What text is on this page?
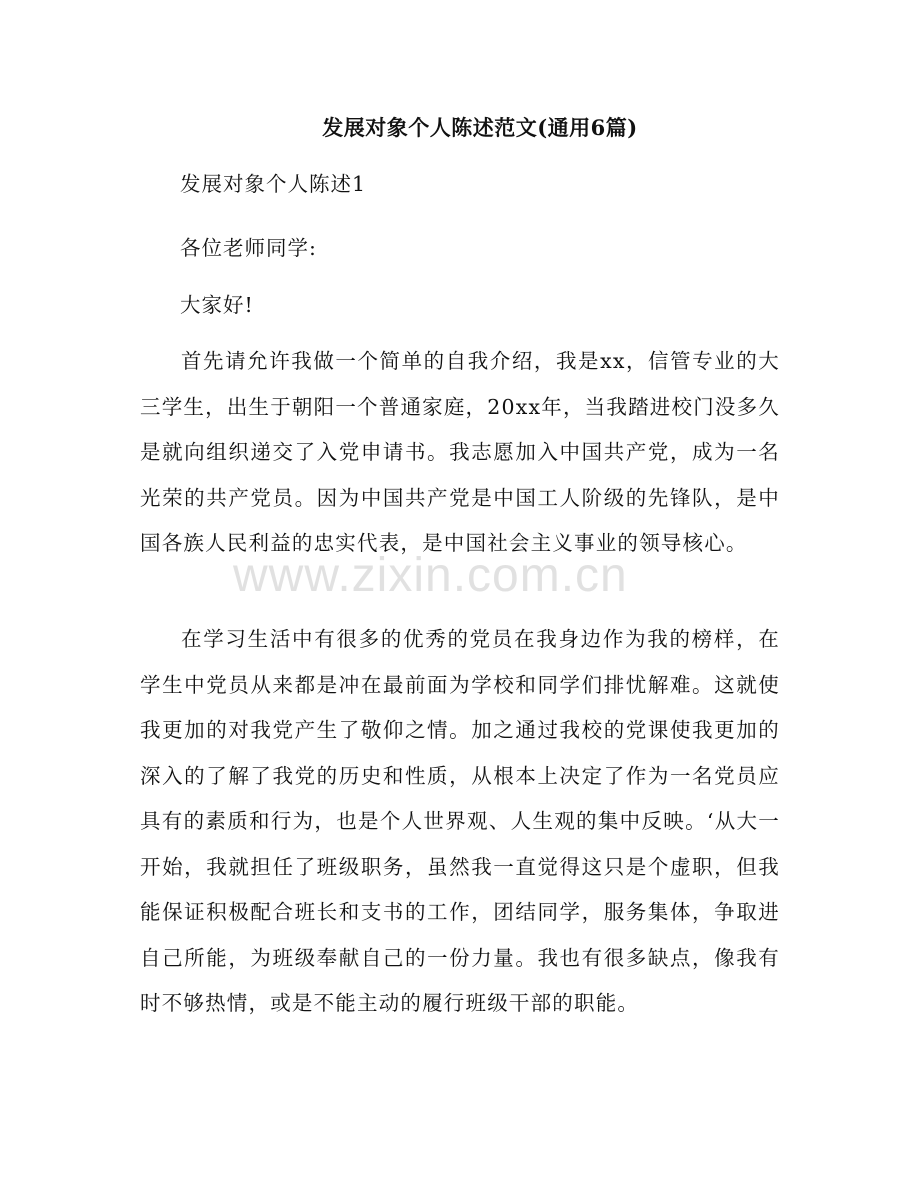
发展对象个人陈述范文(通用6篇)
发展对象个人陈述1
各位老师同学:
大家好!
首先请允许我做一个简单的自我介绍，我是xx，信管专业的大三学生，出生于朝阳一个普通家庭，20xx年，当我踏进校门没多久是就向组织递交了入党申请书。我志愿加入中国共产党，成为一名光荣的共产党员。因为中国共产党是中国工人阶级的先锋队，是中国各族人民利益的忠实代表，是中国社会主义事业的领导核心。
在学习生活中有很多的优秀的党员在我身边作为我的榜样，在学生中党员从来都是冲在最前面为学校和同学们排忧解难。这就使我更加的对我党产生了敬仰之情。加之通过我校的党课使我更加的深入的了解了我党的历史和性质，从根本上决定了作为一名党员应具有的素质和行为，也是个人世界观、人生观的集中反映。‘从大一开始，我就担任了班级职务，虽然我一直觉得这只是个虚职，但我能保证积极配合班长和支书的工作，团结同学，服务集体，争取进自己所能，为班级奉献自己的一份力量。我也有很多缺点，像我有时不够热情，或是不能主动的履行班级干部的职能。
www.zixin.com.cn
